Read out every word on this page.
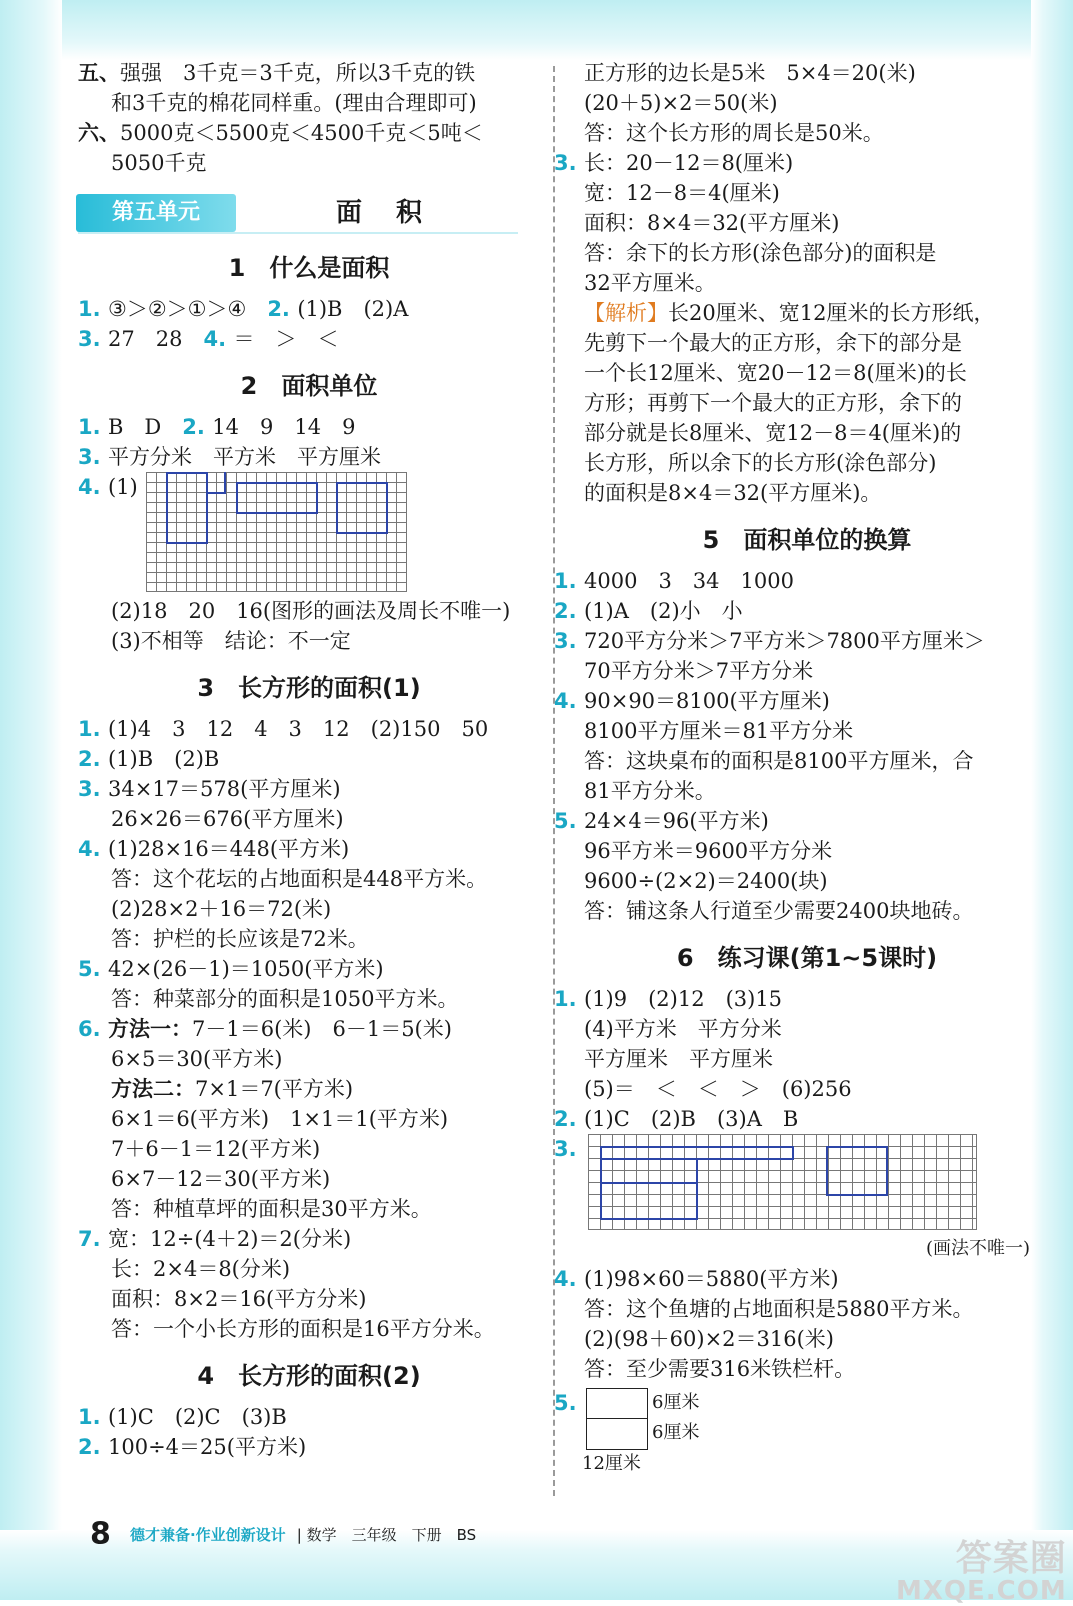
五、强强　3千克＝3千克，所以3千克的铁
和3千克的棉花同样重。(理由合理即可)
六、5000克＜5500克＜4500千克＜5吨＜
5050千克
第五单元	面　积
1　什么是面积
1. ③＞②＞①＞④　 2. (1)B　(2)A
3. 27　28　 4. ＝　＞　＜
2　面积单位
1. B　D　 2. 14　9　14　9
3. 平方分米　平方米　平方厘米
4. (1)
(2)18　20　16(图形的画法及周长不唯一)
(3)不相等　结论：不一定
3　长方形的面积(1)
1. (1)4　3　12　4　3　12　(2)150　50
2. (1)B　(2)B
3. 34×17＝578(平方厘米)
26×26＝676(平方厘米)
4. (1)28×16＝448(平方米)
答：这个花坛的占地面积是448平方米。
(2)28×2＋16＝72(米)
答：护栏的长应该是72米。
5. 42×(26－1)＝1050(平方米)
答：种菜部分的面积是1050平方米。
6. 方法一：7－1＝6(米)　6－1＝5(米)
6×5＝30(平方米)
方法二：7×1＝7(平方米)
6×1＝6(平方米)　1×1＝1(平方米)
7＋6－1＝12(平方米)
6×7－12＝30(平方米)
答：种植草坪的面积是30平方米。
7. 宽：12÷(4＋2)＝2(分米)
长：2×4＝8(分米)
面积：8×2＝16(平方分米)
答：一个小长方形的面积是16平方分米。
4　长方形的面积(2)
1. (1)C　(2)C　(3)B
2. 100÷4＝25(平方米)
正方形的边长是5米　5×4＝20(米)
(20＋5)×2＝50(米)
答：这个长方形的周长是50米。
3. 长：20－12＝8(厘米)
宽：12－8＝4(厘米)
面积：8×4＝32(平方厘米)
答：余下的长方形(涂色部分)的面积是
32平方厘米。
【解析】长20厘米、宽12厘米的长方形纸，
先剪下一个最大的正方形，余下的部分是
一个长12厘米、宽20－12＝8(厘米)的长
方形；再剪下一个最大的正方形，余下的
部分就是长8厘米、宽12－8＝4(厘米)的
长方形，所以余下的长方形(涂色部分)
的面积是8×4＝32(平方厘米)。
5　面积单位的换算
1. 4000　3　34　1000
2. (1)A　(2)小　小
3. 720平方分米＞7平方米＞7800平方厘米＞
70平方分米＞7平方分米
4. 90×90＝8100(平方厘米)
8100平方厘米＝81平方分米
答：这块桌布的面积是8100平方厘米，合
81平方分米。
5. 24×4＝96(平方米)
96平方米＝9600平方分米
9600÷(2×2)＝2400(块)
答：铺这条人行道至少需要2400块地砖。
6　练习课(第1~5课时)
1. (1)9　(2)12　(3)15
(4)平方米　平方分米
平方厘米　平方厘米
(5)＝　＜　＜　＞　(6)256
2. (1)C　(2)B　(3)A　B
3.
(画法不唯一)
4. (1)98×60＝5880(平方米)
答：这个鱼塘的占地面积是5880平方米。
(2)(98＋60)×2＝316(米)
答：至少需要316米铁栏杆。
5.	6厘米
6厘米
12厘米
8 德才兼备·作业创新设计 | 数学　三年级　下册　BS
答案圈
MXQE.COM
